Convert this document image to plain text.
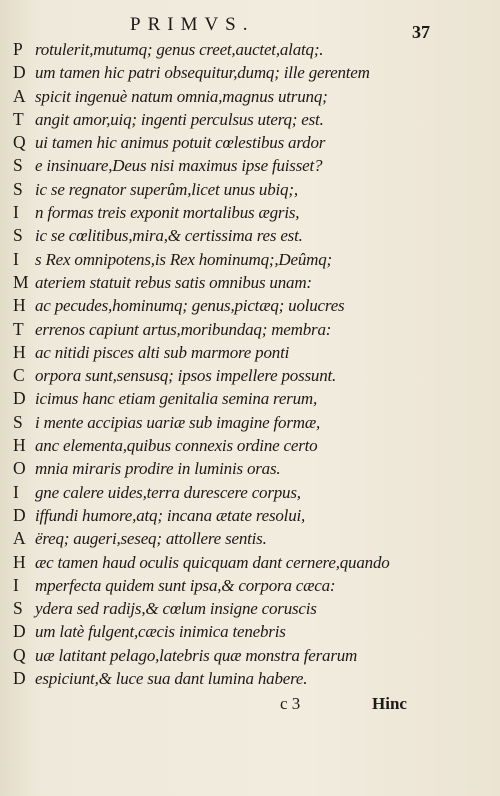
PRIMVS.	37
P rotulerit,mutumq; genus creet,auctet,alatq;.
D um tamen hic patri obsequitur,dumq; ille gerentem
A spicit ingenuè natum omnia,magnus utrunq;
T angit amor,uiq; ingenti perculsus uterq; est.
Q ui tamen hic animus potuit cœlestibus ardor
S e insinuare,Deus nisi maximus ipse fuisset?
S ic se regnator superûm,licet unus ubiq;,
I n formas treis exponit mortalibus ægris,
S ic se cœlitibus,mira,& certissima res est.
I s Rex omnipotens,is Rex hominumq;,Deûmq;
M ateriem statuit rebus satis omnibus unam:
H ac pecudes,hominumq; genus,pictæq; uolucres
T errenos capiunt artus,moribundaq; membra:
H ac nitidi pisces alti sub marmore ponti
C orpora sunt,sensusq; ipsos impellere possunt.
D icimus hanc etiam genitalia semina rerum,
S i mente accipias uariæ sub imagine formæ,
H anc elementa,quibus connexis ordine certo
O mnia miraris prodire in luminis oras.
I gne calere uides,terra durescere corpus,
D iffundi humore,atq; incana ætate resolui,
A ëreq; augeri,seseq; attollere sentis.
H æc tamen haud oculis quicquam dant cernere,quando
I mperfecta quidem sunt ipsa,& corpora cæca:
S ydera sed radijs,& cœlum insigne coruscis
D um latè fulgent,cæcis inimica tenebris
Q uæ latitant pelago,latebris quæ monstra ferarum
D espiciunt,& luce sua dant lumina habere.
c 3	Hinc
